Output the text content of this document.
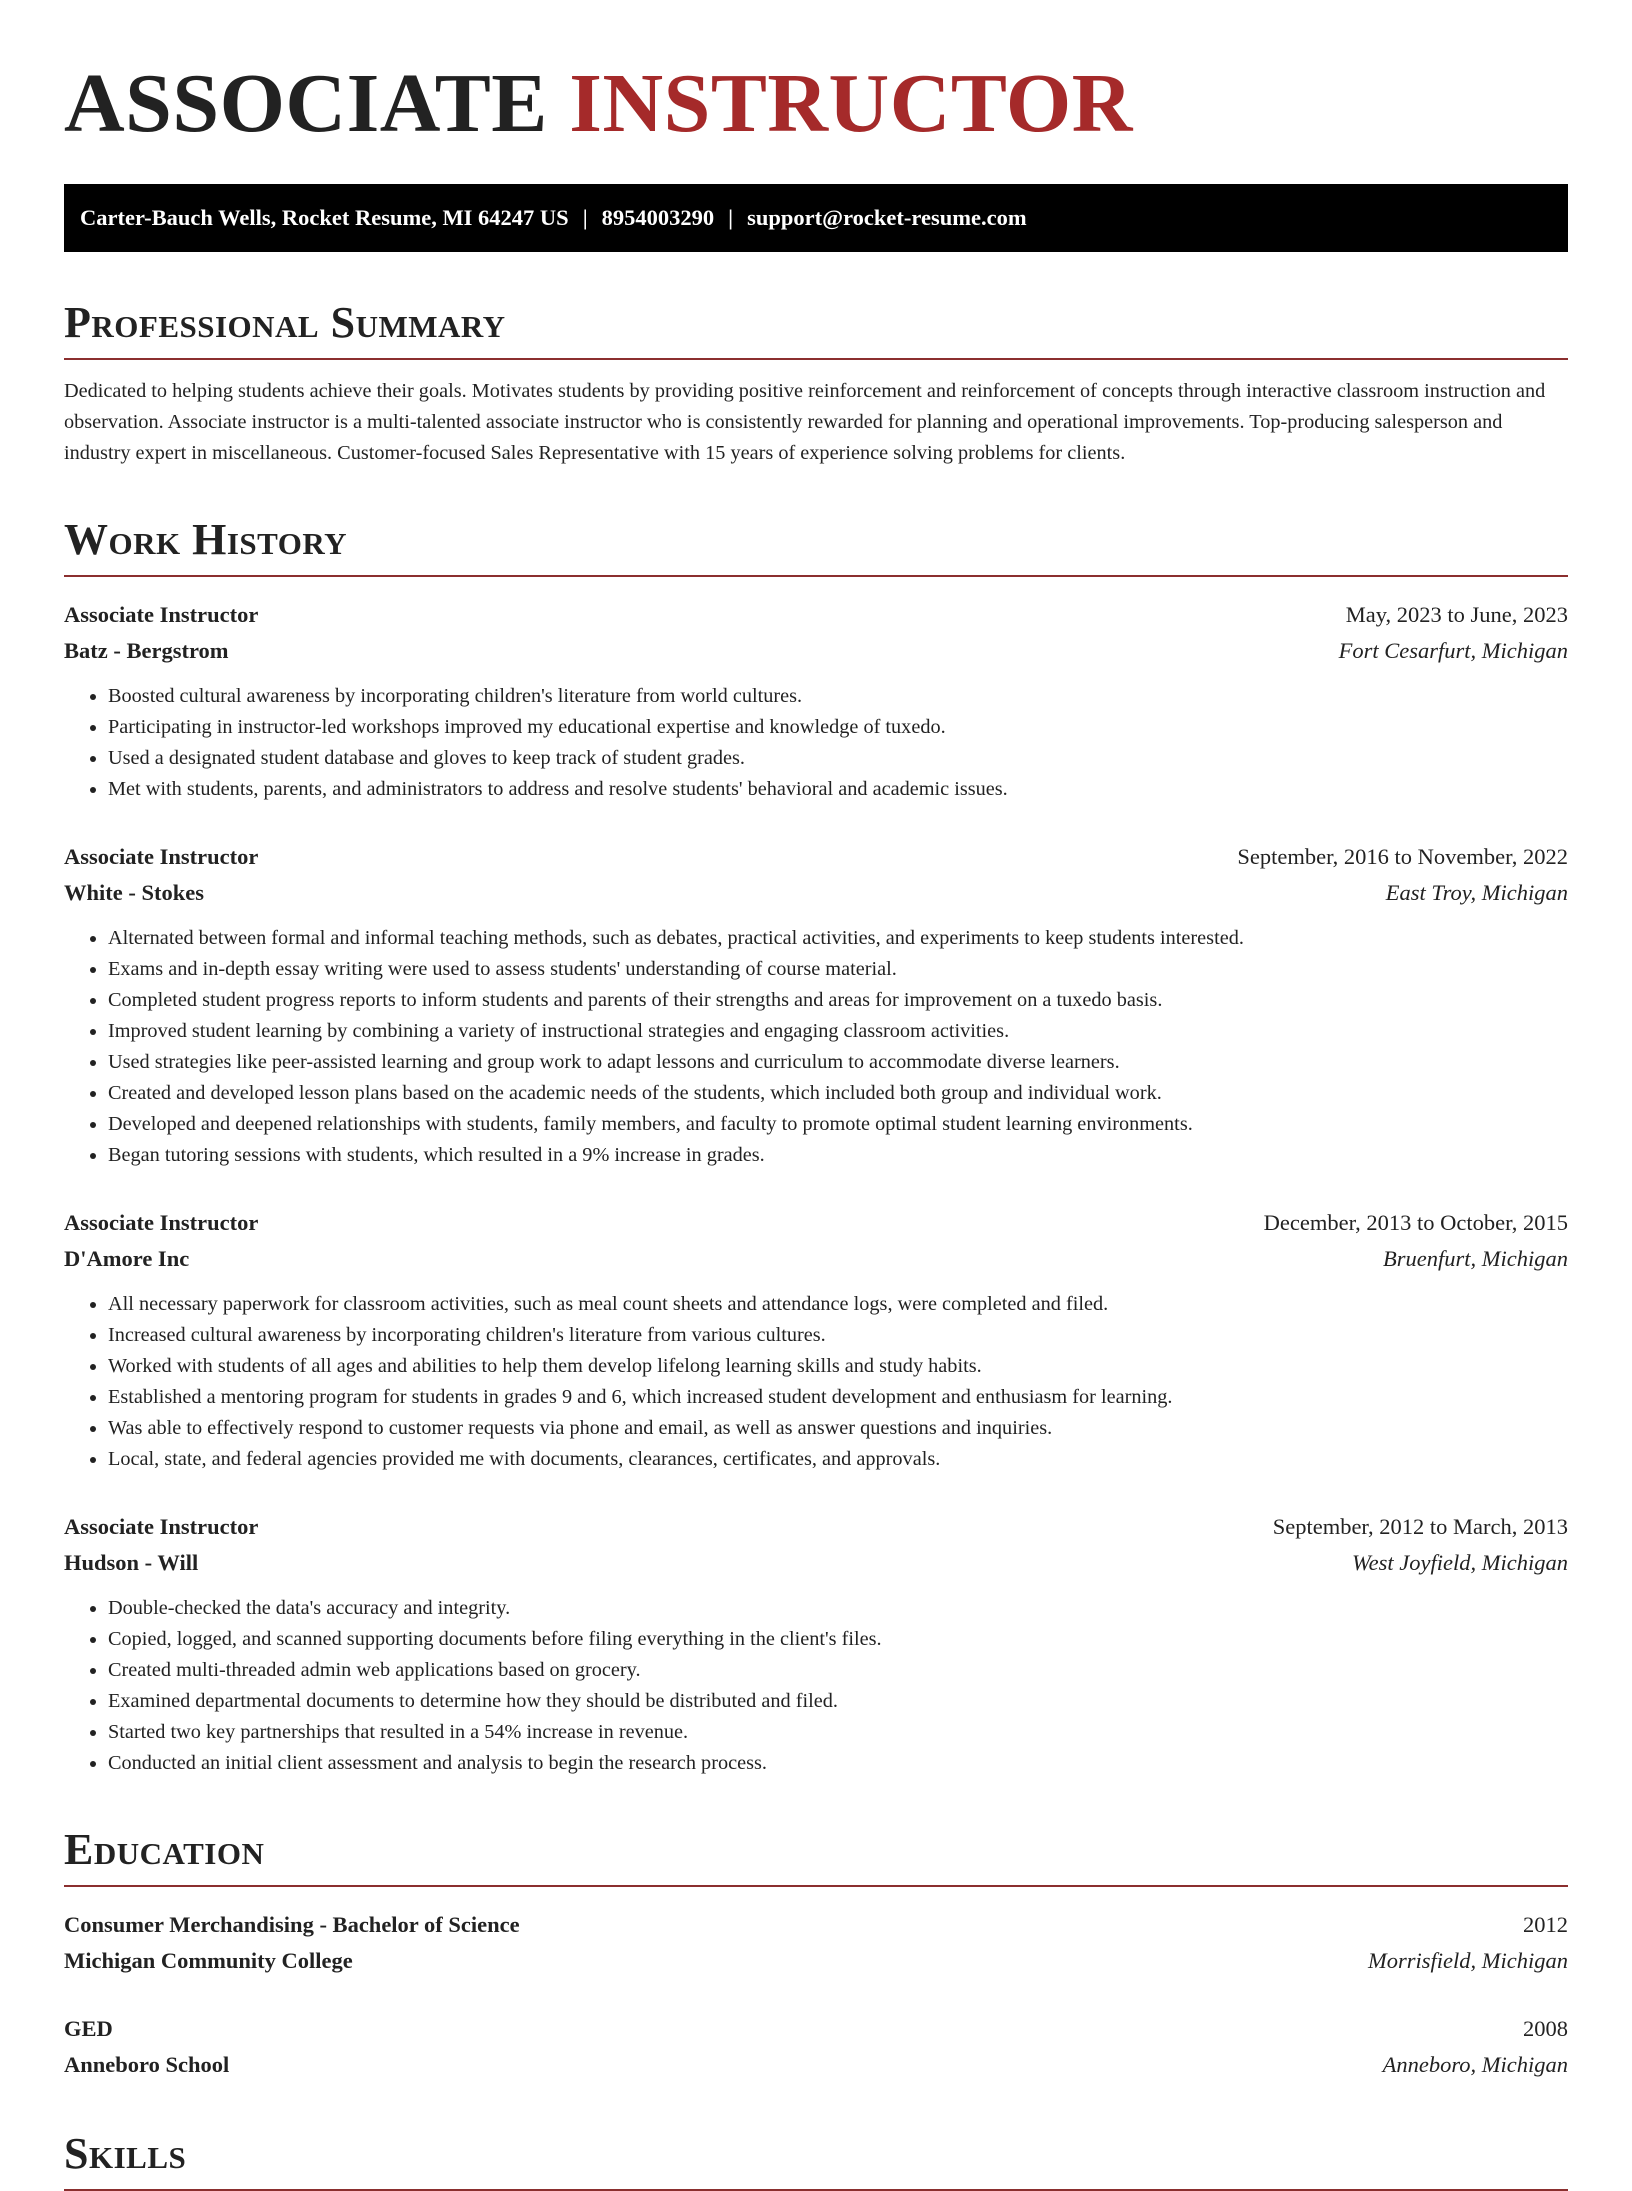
ASSOCIATE INSTRUCTOR
Carter-Bauch Wells, Rocket Resume, MI 64247 US | 8954003290 | support@rocket-resume.com
Professional Summary

Dedicated to helping students achieve their goals. Motivates students by providing positive reinforcement and reinforcement of concepts through interactive classroom instruction and observation. Associate instructor is a multi-talented associate instructor who is consistently rewarded for planning and operational improvements. Top-producing salesperson and industry expert in miscellaneous. Customer-focused Sales Representative with 15 years of experience solving problems for clients.

Work History
Associate Instructor	May, 2023 to June, 2023
Batz - Bergstrom	Fort Cesarfurt, Michigan
• Boosted cultural awareness by incorporating children's literature from world cultures.
• Participating in instructor-led workshops improved my educational expertise and knowledge of tuxedo.
• Used a designated student database and gloves to keep track of student grades.
• Met with students, parents, and administrators to address and resolve students' behavioral and academic issues.
Associate Instructor	September, 2016 to November, 2022
White - Stokes	East Troy, Michigan
• Alternated between formal and informal teaching methods, such as debates, practical activities, and experiments to keep students interested.
• Exams and in-depth essay writing were used to assess students' understanding of course material.
• Completed student progress reports to inform students and parents of their strengths and areas for improvement on a tuxedo basis.
• Improved student learning by combining a variety of instructional strategies and engaging classroom activities.
• Used strategies like peer-assisted learning and group work to adapt lessons and curriculum to accommodate diverse learners.
• Created and developed lesson plans based on the academic needs of the students, which included both group and individual work.
• Developed and deepened relationships with students, family members, and faculty to promote optimal student learning environments.
• Began tutoring sessions with students, which resulted in a 9% increase in grades.
Associate Instructor	December, 2013 to October, 2015
D'Amore Inc	Bruenfurt, Michigan
• All necessary paperwork for classroom activities, such as meal count sheets and attendance logs, were completed and filed.
• Increased cultural awareness by incorporating children's literature from various cultures.
• Worked with students of all ages and abilities to help them develop lifelong learning skills and study habits.
• Established a mentoring program for students in grades 9 and 6, which increased student development and enthusiasm for learning.
• Was able to effectively respond to customer requests via phone and email, as well as answer questions and inquiries.
• Local, state, and federal agencies provided me with documents, clearances, certificates, and approvals.
Associate Instructor	September, 2012 to March, 2013
Hudson - Will	West Joyfield, Michigan
• Double-checked the data's accuracy and integrity.
• Copied, logged, and scanned supporting documents before filing everything in the client's files.
• Created multi-threaded admin web applications based on grocery.
• Examined departmental documents to determine how they should be distributed and filed.
• Started two key partnerships that resulted in a 54% increase in revenue.
• Conducted an initial client assessment and analysis to begin the research process.
Education
Consumer Merchandising - Bachelor of Science	2012
Michigan Community College	Morrisfield, Michigan
GED	2008
Anneboro School	Anneboro, Michigan
Skills
